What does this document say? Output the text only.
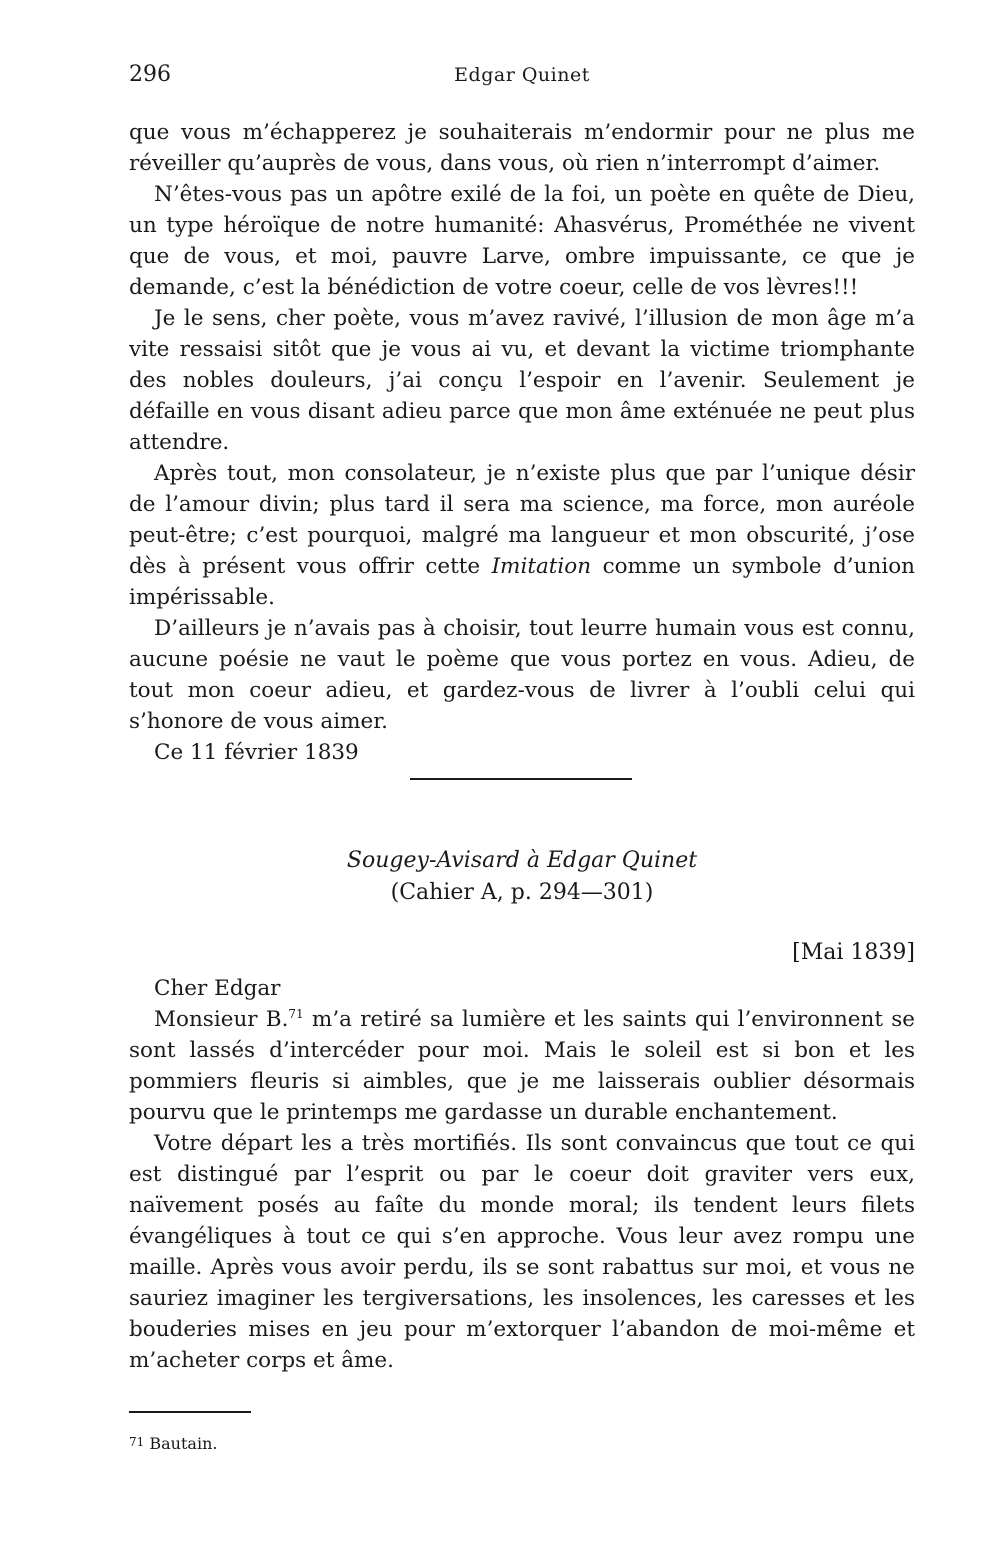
296	Edgar Quinet

que vous m’échapperez je souhaiterais m’endormir pour ne plus me réveiller qu’auprès de vous, dans vous, où rien n’interrompt d’aimer.

N’êtes-vous pas un apôtre exilé de la foi, un poète en quête de Dieu, un type héroïque de notre humanité: Ahasvérus, Prométhée ne vivent que de vous, et moi, pauvre Larve, ombre impuissante, ce que je demande, c’est la bénédiction de votre coeur, celle de vos lèvres!!!

Je le sens, cher poète, vous m’avez ravivé, l’illusion de mon âge m’a vite ressaisi sitôt que je vous ai vu, et devant la victime triomphante des nobles douleurs, j’ai conçu l’espoir en l’avenir. Seulement je défaille en vous disant adieu parce que mon âme exténuée ne peut plus attendre.

Après tout, mon consolateur, je n’existe plus que par l’unique désir de l’amour divin; plus tard il sera ma science, ma force, mon auréole peut-être; c’est pourquoi, malgré ma langueur et mon obscurité, j’ose dès à présent vous offrir cette Imitation comme un symbole d’union impérissable.

D’ailleurs je n’avais pas à choisir, tout leurre humain vous est connu, aucune poésie ne vaut le poème que vous portez en vous. Adieu, de tout mon coeur adieu, et gardez-vous de livrer à l’oubli celui qui s’honore de vous aimer.

Ce 11 février 1839

Sougey-Avisard à Edgar Quinet
(Cahier A, p. 294—301)
[Mai 1839]

Cher Edgar

Monsieur B.$^{71}$ m’a retiré sa lumière et les saints qui l’environnent se sont lassés d’intercéder pour moi. Mais le soleil est si bon et les pommiers fleuris si aimbles, que je me laisserais oublier désormais pourvu que le printemps me gardasse un durable enchantement.

Votre départ les a très mortifiés. Ils sont convaincus que tout ce qui est distingué par l’esprit ou par le coeur doit graviter vers eux, naïvement posés au faîte du monde moral; ils tendent leurs filets évangéliques à tout ce qui s’en approche. Vous leur avez rompu une maille. Après vous avoir perdu, ils se sont rabattus sur moi, et vous ne sauriez imaginer les tergiversations, les insolences, les caresses et les bouderies mises en jeu pour m’extorquer l’abandon de moi-même et m’acheter corps et âme.

$^{71}$ Bautain.
